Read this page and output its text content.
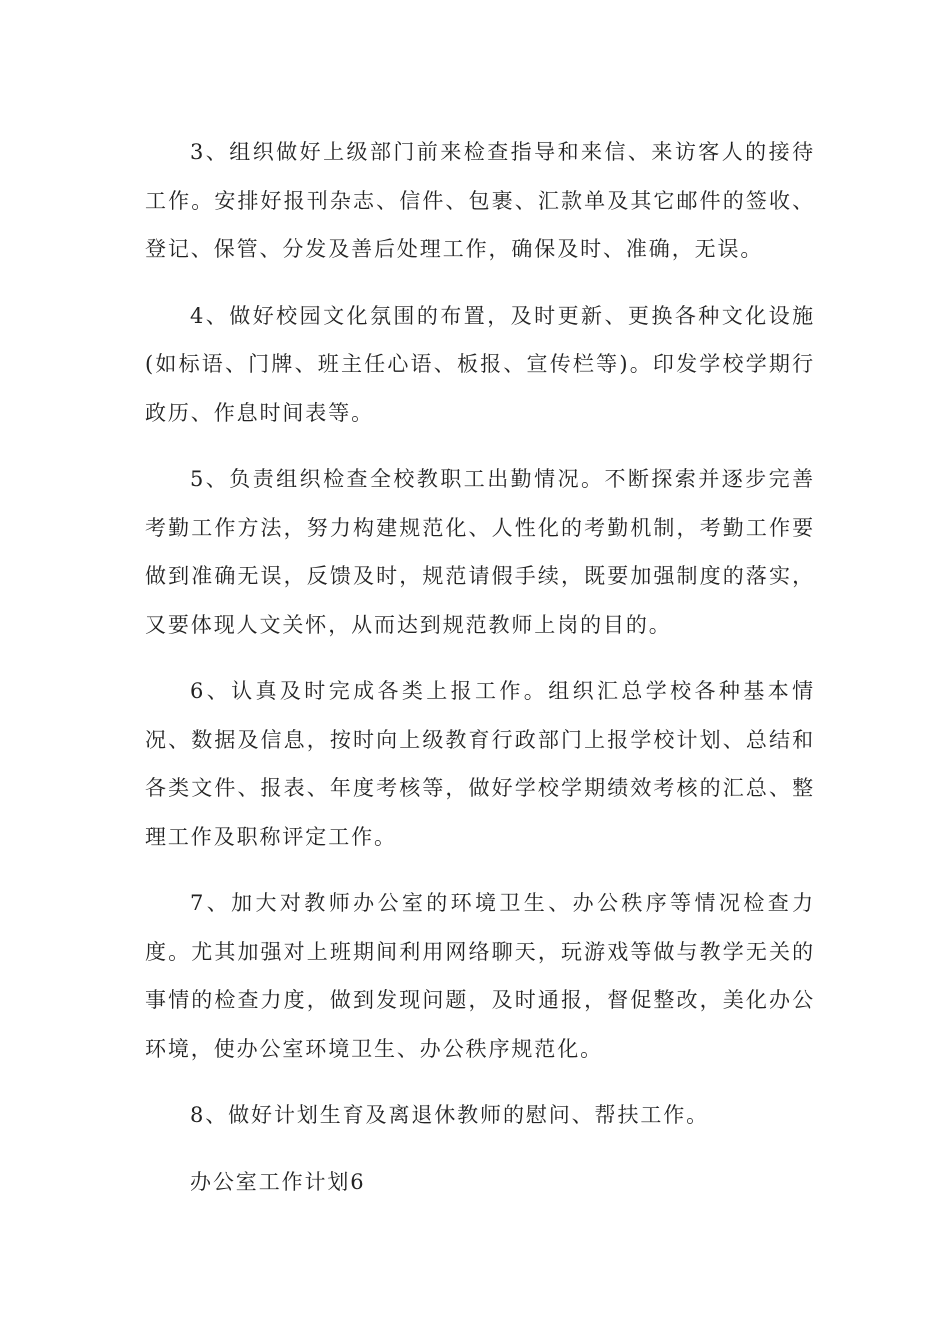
3、组织做好上级部门前来检查指导和来信、来访客人的接待工作。安排好报刊杂志、信件、包裹、汇款单及其它邮件的签收、登记、保管、分发及善后处理工作，确保及时、准确，无误。

4、做好校园文化氛围的布置，及时更新、更换各种文化设施(如标语、门牌、班主任心语、板报、宣传栏等)。印发学校学期行政历、作息时间表等。

5、负责组织检查全校教职工出勤情况。不断探索并逐步完善考勤工作方法，努力构建规范化、人性化的考勤机制，考勤工作要做到准确无误，反馈及时，规范请假手续，既要加强制度的落实，又要体现人文关怀，从而达到规范教师上岗的目的。

6、认真及时完成各类上报工作。组织汇总学校各种基本情况、数据及信息，按时向上级教育行政部门上报学校计划、总结和各类文件、报表、年度考核等，做好学校学期绩效考核的汇总、整理工作及职称评定工作。

7、加大对教师办公室的环境卫生、办公秩序等情况检查力度。尤其加强对上班期间利用网络聊天，玩游戏等做与教学无关的事情的检查力度，做到发现问题，及时通报，督促整改，美化办公环境，使办公室环境卫生、办公秩序规范化。

8、做好计划生育及离退休教师的慰问、帮扶工作。

办公室工作计划6
